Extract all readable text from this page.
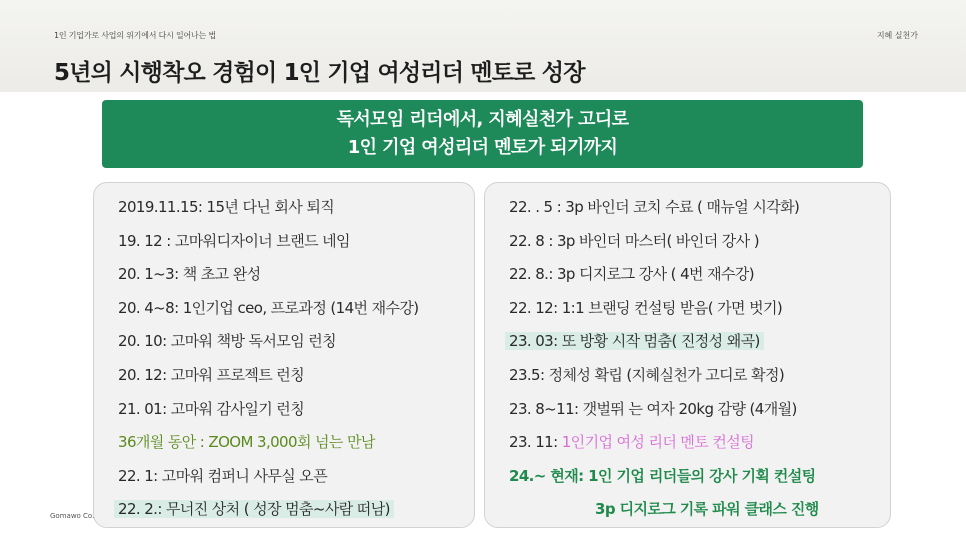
1인 기업가로 사업의 위기에서 다시 일어나는 법	지혜 실천가
5년의 시행착오 경험이 1인 기업 여성리더 멘토로 성장
독서모임 리더에서, 지혜실천가 고디로
1인 기업 여성리더 멘토가 되기까지
2019.11.15: 15년 다닌 회사 퇴직
19. 12 : 고마워디자이너 브랜드 네임
20. 1~3: 책 초고 완성
20. 4~8: 1인기업 ceo, 프로과정 (14번 재수강)
20. 10: 고마워 책방 독서모임 런칭
20. 12: 고마워 프로젝트 런칭
21. 01: 고마워 감사일기 런칭
36개월 동안 : ZOOM 3,000회 넘는 만남
22. 1: 고마워 컴퍼니 사무실 오픈
22. 2.: 무너진 상처 ( 성장 멈춤~사람 떠남)
22. . 5 : 3p 바인더 코치 수료 ( 매뉴얼 시각화)
22. 8 : 3p 바인더 마스터( 바인더 강사 )
22. 8.: 3p 디지로그 강사 ( 4번 재수강)
22. 12: 1:1 브랜딩 컨설팅 받음( 가면 벗기)
23. 03: 또 방황 시작 멈춤( 진정성 왜곡)
23.5: 정체성 확립 (지혜실천가 고디로 확정)
23. 8~11: 갯벌뛰 는 여자 20kg 감량 (4개월)
23. 11: 1인기업 여성 리더 멘토 컨설팅
24.~ 현재: 1인 기업 리더들의 강사 기획 컨설팅
3p 디지로그 기록 파워 클래스 진행
Gomawo Co.
